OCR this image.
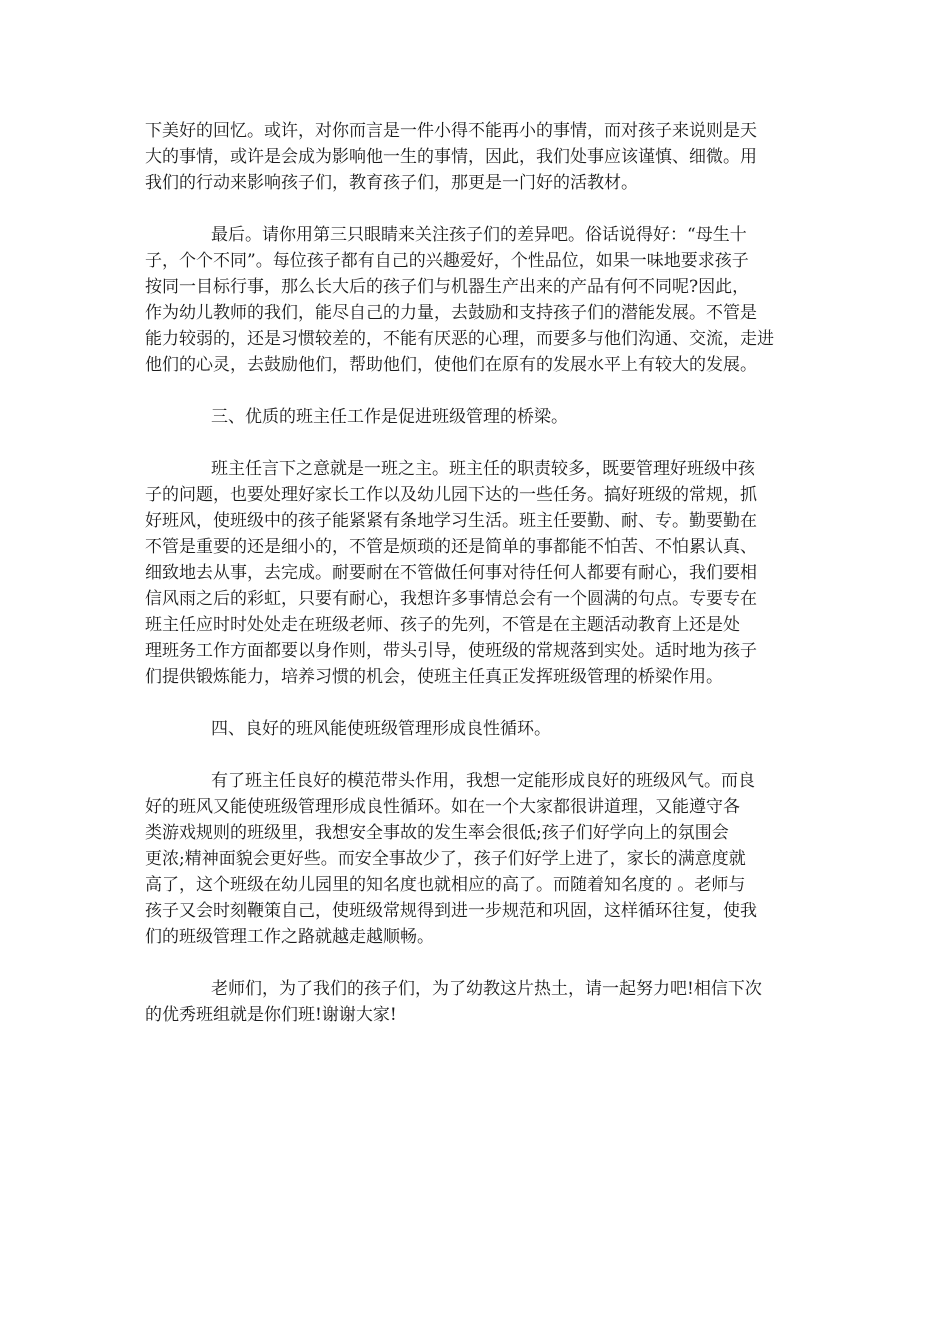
下美好的回忆。或许，对你而言是一件小得不能再小的事情，而对孩子来说则是天
大的事情，或许是会成为影响他一生的事情，因此，我们处事应该谨慎、细微。用
我们的行动来影响孩子们，教育孩子们，那更是一门好的活教材。
最后。请你用第三只眼睛来关注孩子们的差异吧。俗话说得好：“母生十
子，个个不同”。每位孩子都有自己的兴趣爱好，个性品位，如果一味地要求孩子
按同一目标行事，那么长大后的孩子们与机器生产出来的产品有何不同呢?因此，
作为幼儿教师的我们，能尽自己的力量，去鼓励和支持孩子们的潜能发展。不管是
能力较弱的，还是习惯较差的，不能有厌恶的心理，而要多与他们沟通、交流，走进
他们的心灵，去鼓励他们，帮助他们，使他们在原有的发展水平上有较大的发展。
三、优质的班主任工作是促进班级管理的桥梁。
班主任言下之意就是一班之主。班主任的职责较多，既要管理好班级中孩
子的问题，也要处理好家长工作以及幼儿园下达的一些任务。搞好班级的常规，抓
好班风，使班级中的孩子能紧紧有条地学习生活。班主任要勤、耐、专。勤要勤在
不管是重要的还是细小的，不管是烦琐的还是简单的事都能不怕苦、不怕累认真、
细致地去从事，去完成。耐要耐在不管做任何事对待任何人都要有耐心，我们要相
信风雨之后的彩虹，只要有耐心，我想许多事情总会有一个圆满的句点。专要专在
班主任应时时处处走在班级老师、孩子的先列，不管是在主题活动教育上还是处
理班务工作方面都要以身作则，带头引导，使班级的常规落到实处。适时地为孩子
们提供锻炼能力，培养习惯的机会，使班主任真正发挥班级管理的桥梁作用。
四、良好的班风能使班级管理形成良性循环。
有了班主任良好的模范带头作用，我想一定能形成良好的班级风气。而良
好的班风又能使班级管理形成良性循环。如在一个大家都很讲道理，又能遵守各
类游戏规则的班级里，我想安全事故的发生率会很低;孩子们好学向上的氛围会
更浓;精神面貌会更好些。而安全事故少了，孩子们好学上进了，家长的满意度就
高了，这个班级在幼儿园里的知名度也就相应的高了。而随着知名度的 。老师与
孩子又会时刻鞭策自己，使班级常规得到进一步规范和巩固，这样循环往复，使我
们的班级管理工作之路就越走越顺畅。
老师们，为了我们的孩子们，为了幼教这片热土，请一起努力吧!相信下次
的优秀班组就是你们班!谢谢大家!
